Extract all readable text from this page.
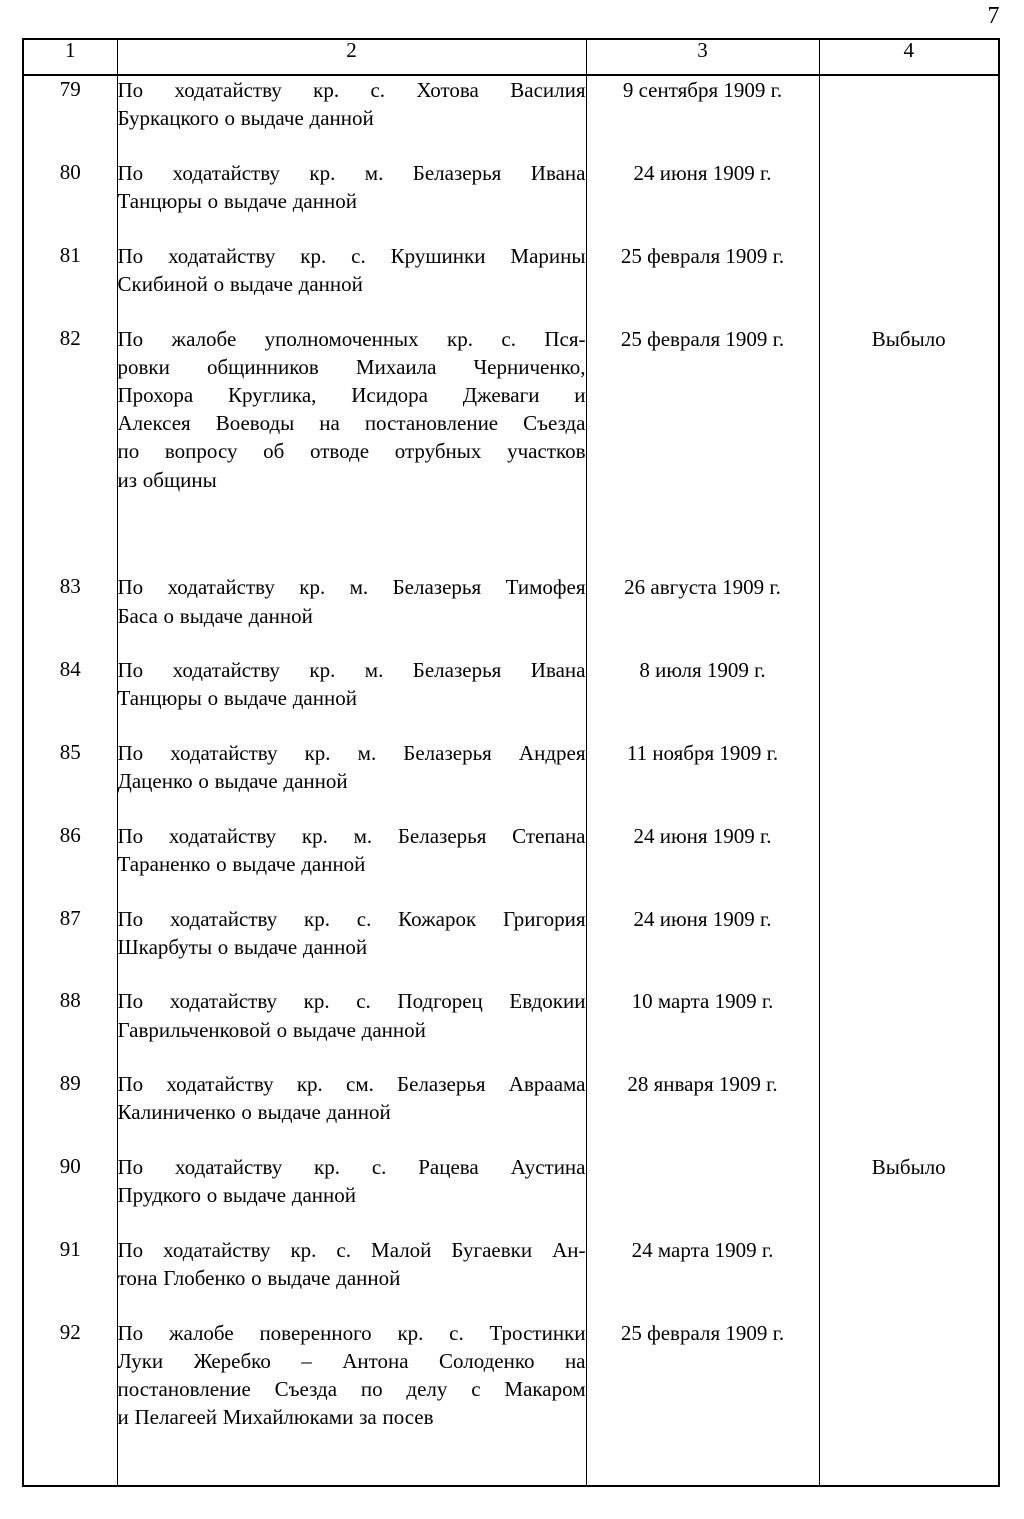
7
1	2	3	4
79	По ходатайству кр. с. Хотова Василия
Буркацкого о выдаче данной	9 сентября 1909 г.	
80	По ходатайству кр. м. Белазерья Ивана
Танцюры о выдаче данной	24 июня 1909 г.	
81	По ходатайству кр. с. Крушинки Марины
Скибиной о выдаче данной	25 февраля 1909 г.	
82	По жалобе уполномоченных кр. с. Пся-
ровки общинников Михаила Черниченко,
Прохора Круглика, Исидора Джеваги и
Алексея Воеводы на постановление Съезда
по вопросу об отводе отрубных участков
из общины
	25 февраля 1909 г.	Выбыло
83	По ходатайству кр. м. Белазерья Тимофея
Баса о выдаче данной	26 августа 1909 г.	
84	По ходатайству кр. м. Белазерья Ивана
Танцюры о выдаче данной	8 июля 1909 г.	
85	По ходатайству кр. м. Белазерья Андрея
Даценко о выдаче данной	11 ноября 1909 г.	
86	По ходатайству кр. м. Белазерья Степана
Тараненко о выдаче данной	24 июня 1909 г.	
87	По ходатайству кр. с. Кожарок Григория
Шкарбуты о выдаче данной	24 июня 1909 г.	
88	По ходатайству кр. с. Подгорец Евдокии
Гаврильченковой о выдаче данной	10 марта 1909 г.	
89	По ходатайству кр. см. Белазерья Авраама
Калиниченко о выдаче данной	28 января 1909 г.	
90	По ходатайству кр. с. Рацева Аустина
Прудкого о выдаче данной		Выбыло
91	По ходатайству кр. с. Малой Бугаевки Ан-
тона Глобенко о выдаче данной	24 марта 1909 г.	
92	По жалобе поверенного кр. с. Тростинки
Луки Жеребко – Антона Солоденко на
постановление Съезда по делу с Макаром
и Пелагеей Михайлюками за посев	25 февраля 1909 г.	
